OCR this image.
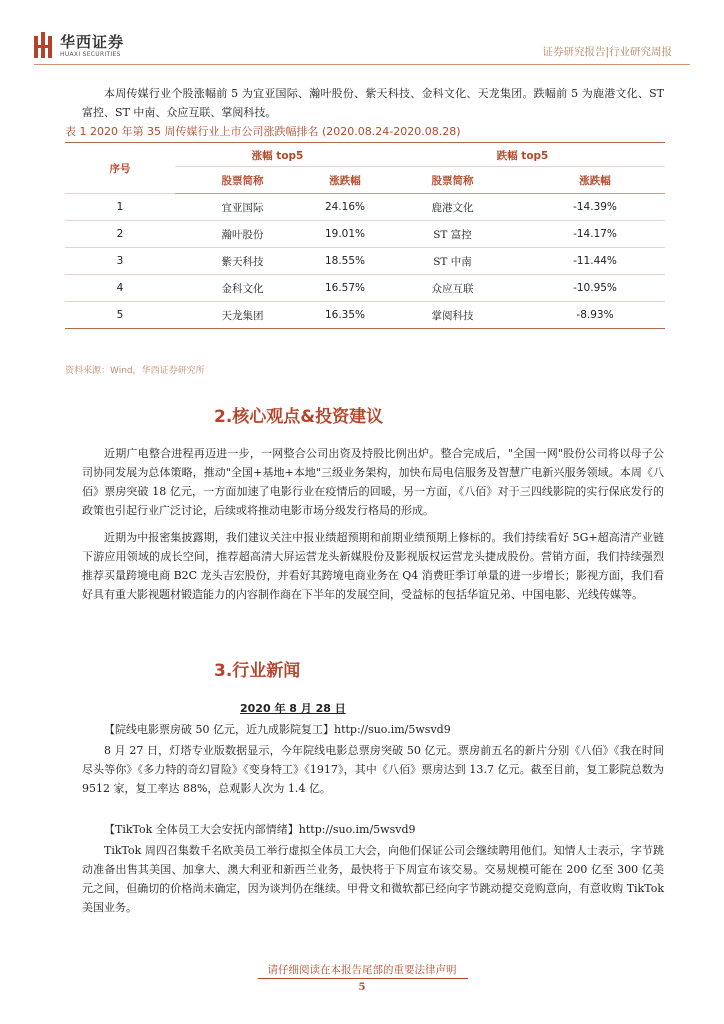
华西证券
HUAXI SECURITIES	证券研究报告|行业研究周报

本周传媒行业个股涨幅前 5 为宜亚国际、瀚叶股份、紫天科技、金科文化、天龙集团。跌幅前 5 为鹿港文化、ST 富控、ST 中南、众应互联、掌阅科技。

表 1 2020 年第 35 周传媒行业上市公司涨跌幅排名 (2020.08.24-2020.08.28)
序号	涨幅 top5		跌幅 top5	
	股票简称	涨跌幅	股票简称	涨跌幅
1	宜亚国际	24.16%	鹿港文化	-14.39%
2	瀚叶股份	19.01%	ST 富控	-14.17%
3	紫天科技	18.55%	ST 中南	-11.44%
4	金科文化	16.57%	众应互联	-10.95%
5	天龙集团	16.35%	掌阅科技	-8.93%
资料来源：Wind，华西证券研究所
2.核心观点&投资建议

近期广电整合进程再迈进一步，一网整合公司出资及持股比例出炉。整合完成后，"全国一网"股份公司将以母子公司协同发展为总体策略，推动"全国+基地+本地"三级业务架构，加快布局电信服务及智慧广电新兴服务领域。本周《八佰》票房突破 18 亿元，一方面加速了电影行业在疫情后的回暖，另一方面，《八佰》对于三四线影院的实行保底发行的政策也引起行业广泛讨论，后续或将推动电影市场分级发行格局的形成。

近期为中报密集披露期，我们建议关注中报业绩超预期和前期业绩预期上修标的。我们持续看好 5G+超高清产业链下游应用领域的成长空间，推荐超高清大屏运营龙头新媒股份及影视版权运营龙头捷成股份。营销方面，我们持续强烈推荐买量跨境电商 B2C 龙头吉宏股份，并看好其跨境电商业务在 Q4 消费旺季订单量的进一步增长；影视方面，我们看好具有重大影视题材锻造能力的内容制作商在下半年的发展空间，受益标的包括华谊兄弟、中国电影、光线传媒等。

3.行业新闻
2020 年 8 月 28 日

【院线电影票房破 50 亿元，近九成影院复工】http://suo.im/5wsvd9

8 月 27 日，灯塔专业版数据显示，今年院线电影总票房突破 50 亿元。票房前五名的新片分别《八佰》《我在时间尽头等你》《多力特的奇幻冒险》《变身特工》《1917》，其中《八佰》票房达到 13.7 亿元。截至目前，复工影院总数为 9512 家，复工率达 88%，总观影人次为 1.4 亿。

【TikTok 全体员工大会安抚内部情绪】http://suo.im/5wsvd9

TikTok 周四召集数千名欧美员工举行虚拟全体员工大会，向他们保证公司会继续聘用他们。知情人士表示，字节跳动准备出售其美国、加拿大、澳大利亚和新西兰业务，最快将于下周宣布该交易。交易规模可能在 200 亿至 300 亿美元之间，但确切的价格尚未确定，因为谈判仍在继续。甲骨文和微软都已经向字节跳动提交竞购意向，有意收购 TikTok 美国业务。

请仔细阅读在本报告尾部的重要法律声明
5
